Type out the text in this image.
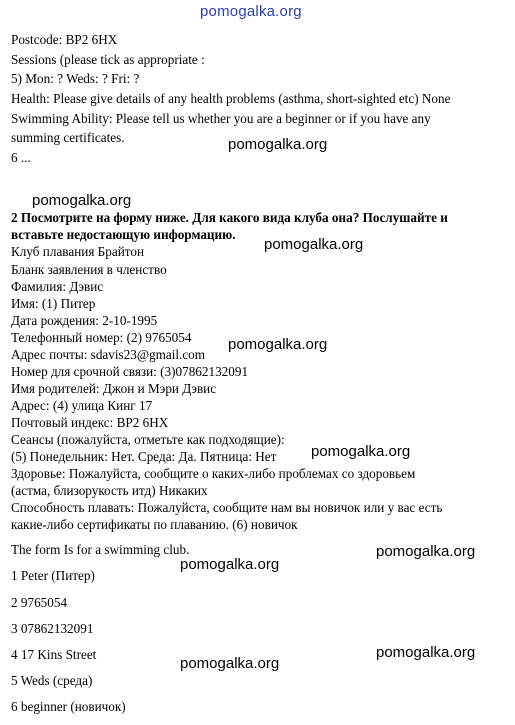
pomogalka.org
Postcode: BP2 6HX
Sessions (please tick as appropriate :
5) Mon: ? Weds: ? Fri: ?
Health: Please give details of any health problems (asthma, short-sighted etc) None
Swimming Ability: Please tell us whether you are a beginner or if you have any
summing certificates.
6 ...
pomogalka.org
pomogalka.org
2 Посмотрите на форму ниже. Для какого вида клуба она? Послушайте и
вставьте недостающую информацию.
pomogalka.org
Клуб плавания Брайтон
Бланк заявления в членство
Фамилия: Дэвис
Имя: (1) Питер
Дата рождения: 2-10-1995
Телефонный номер: (2) 9765054 pomogalka.org
Адрес почты: sdavis23@gmail.com
Номер для срочной связи: (3)07862132091
Имя родителей: Джон и Мэри Дэвис
Адрес: (4) улица Кинг 17
Почтовый индекс: BP2 6HX
Сеансы (пожалуйста, отметьте как подходящие):
(5) Понедельник: Нет. Среда: Да. Пятница: Нет pomogalka.org
Здоровье: Пожалуйста, сообщите о каких-либо проблемах со здоровьем
(астма, близорукость итд) Никаких
Способность плавать: Пожалуйста, сообщите нам вы новичок или у вас есть
какие-либо сертификаты по плаванию. (6) новичок
The form Is for a swimming club.	pomogalka.org
pomogalka.org
1 Peter (Питер)
2 9765054
3 07862132091
pomogalka.org
4 17 Kins Street
pomogalka.org
5 Weds (среда)
6 beginner (новичок)
